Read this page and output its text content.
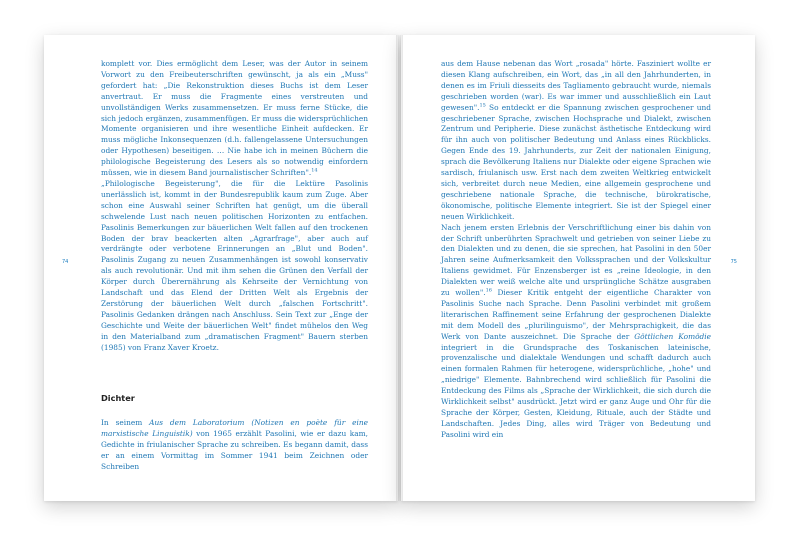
74

komplett vor. Dies ermöglicht dem Leser, was der Autor in seinem Vorwort zu den Freibeuterschriften gewünscht, ja als ein „Muss" gefordert hat: „Die Rekonstruktion dieses Buchs ist dem Leser anvertraut. Er muss die Fragmente eines verstreuten und unvollständigen Werks zusammensetzen. Er muss ferne Stücke, die sich jedoch ergänzen, zusammenfügen. Er muss die widersprüchlichen Momente organisieren und ihre wesentliche Einheit aufdecken. Er muss mögliche Inkonsequenzen (d.h. fallengelassene Untersuchungen oder Hypothesen) beseitigen. … Nie habe ich in meinen Büchern die philologische Begeisterung des Lesers als so notwendig einfordern müssen, wie in diesem Band journalistischer Schriften".$^{14}$

„Philologische Begeisterung", die für die Lektüre Pasolinis unerlässlich ist, kommt in der Bundesrepublik kaum zum Zuge. Aber schon eine Auswahl seiner Schriften hat genügt, um die überall schwelende Lust nach neuen politischen Horizonten zu entfachen. Pasolinis Bemerkungen zur bäuerlichen Welt fallen auf den trockenen Boden der brav beackerten alten „Agrarfrage", aber auch auf verdrängte oder verbotene Erinnerungen an „Blut und Boden". Pasolinis Zugang zu neuen Zusammenhängen ist sowohl konservativ als auch revolutionär. Und mit ihm sehen die Grünen den Verfall der Körper durch Überernährung als Kehrseite der Vernichtung von Landschaft und das Elend der Dritten Welt als Ergebnis der Zerstörung der bäuerlichen Welt durch „falschen Fortschritt". Pasolinis Gedanken drängen nach Anschluss. Sein Text zur „Enge der Geschichte und Weite der bäuerlichen Welt" findet mühelos den Weg in den Materialband zum „dramatischen Fragment" Bauern sterben (1985) von Franz Xaver Kroetz.

Dichter

In seinem Aus dem Laboratorium (Notizen en poète für eine marxistische Linguistik) von 1965 erzählt Pasolini, wie er dazu kam, Gedichte in friulanischer Sprache zu schreiben. Es begann damit, dass er an einem Vormittag im Sommer 1941 beim Zeichnen oder Schreiben

75

aus dem Hause nebenan das Wort „rosada" hörte. Fasziniert wollte er diesen Klang aufschreiben, ein Wort, das „in all den Jahrhunderten, in denen es im Friuli diesseits des Tagliamento gebraucht wurde, niemals geschrieben worden (war). Es war immer und ausschließlich ein Laut gewesen".$^{15}$ So entdeckt er die Spannung zwischen gesprochener und geschriebener Sprache, zwischen Hochsprache und Dialekt, zwischen Zentrum und Peripherie. Diese zunächst ästhetische Entdeckung wird für ihn auch von politischer Bedeutung und Anlass eines Rückblicks. Gegen Ende des 19. Jahrhunderts, zur Zeit der nationalen Einigung, sprach die Bevölkerung Italiens nur Dialekte oder eigene Sprachen wie sardisch, friulanisch usw. Erst nach dem zweiten Weltkrieg entwickelt sich, verbreitet durch neue Medien, eine allgemein gesprochene und geschriebene nationale Sprache, die technische, bürokratische, ökonomische, politische Elemente integriert. Sie ist der Spiegel einer neuen Wirklichkeit.

Nach jenem ersten Erlebnis der Verschriftlichung einer bis dahin von der Schrift unberührten Sprachwelt und getrieben von seiner Liebe zu den Dialekten und zu denen, die sie sprechen, hat Pasolini in den 50er Jahren seine Aufmerksamkeit den Volkssprachen und der Volkskultur Italiens gewidmet. Für Enzensberger ist es „reine Ideologie, in den Dialekten wer weiß welche alte und ursprüngliche Schätze ausgraben zu wollen".$^{16}$ Dieser Kritik entgeht der eigentliche Charakter von Pasolinis Suche nach Sprache. Denn Pasolini verbindet mit großem literarischen Raffinement seine Erfahrung der gesprochenen Dialekte mit dem Modell des „plurilinguismo", der Mehrsprachigkeit, die das Werk von Dante auszeichnet. Die Sprache der Göttlichen Komödie integriert in die Grundsprache des Toskanischen lateinische, provenzalische und dialektale Wendungen und schafft dadurch auch einen formalen Rahmen für heterogene, widersprüchliche, „hohe" und „niedrige" Elemente. Bahnbrechend wird schließlich für Pasolini die Entdeckung des Films als „Sprache der Wirklichkeit, die sich durch die Wirklichkeit selbst" ausdrückt. Jetzt wird er ganz Auge und Ohr für die Sprache der Körper, Gesten, Kleidung, Rituale, auch der Städte und Landschaften. Jedes Ding, alles wird Träger von Bedeutung und Pasolini wird ein
